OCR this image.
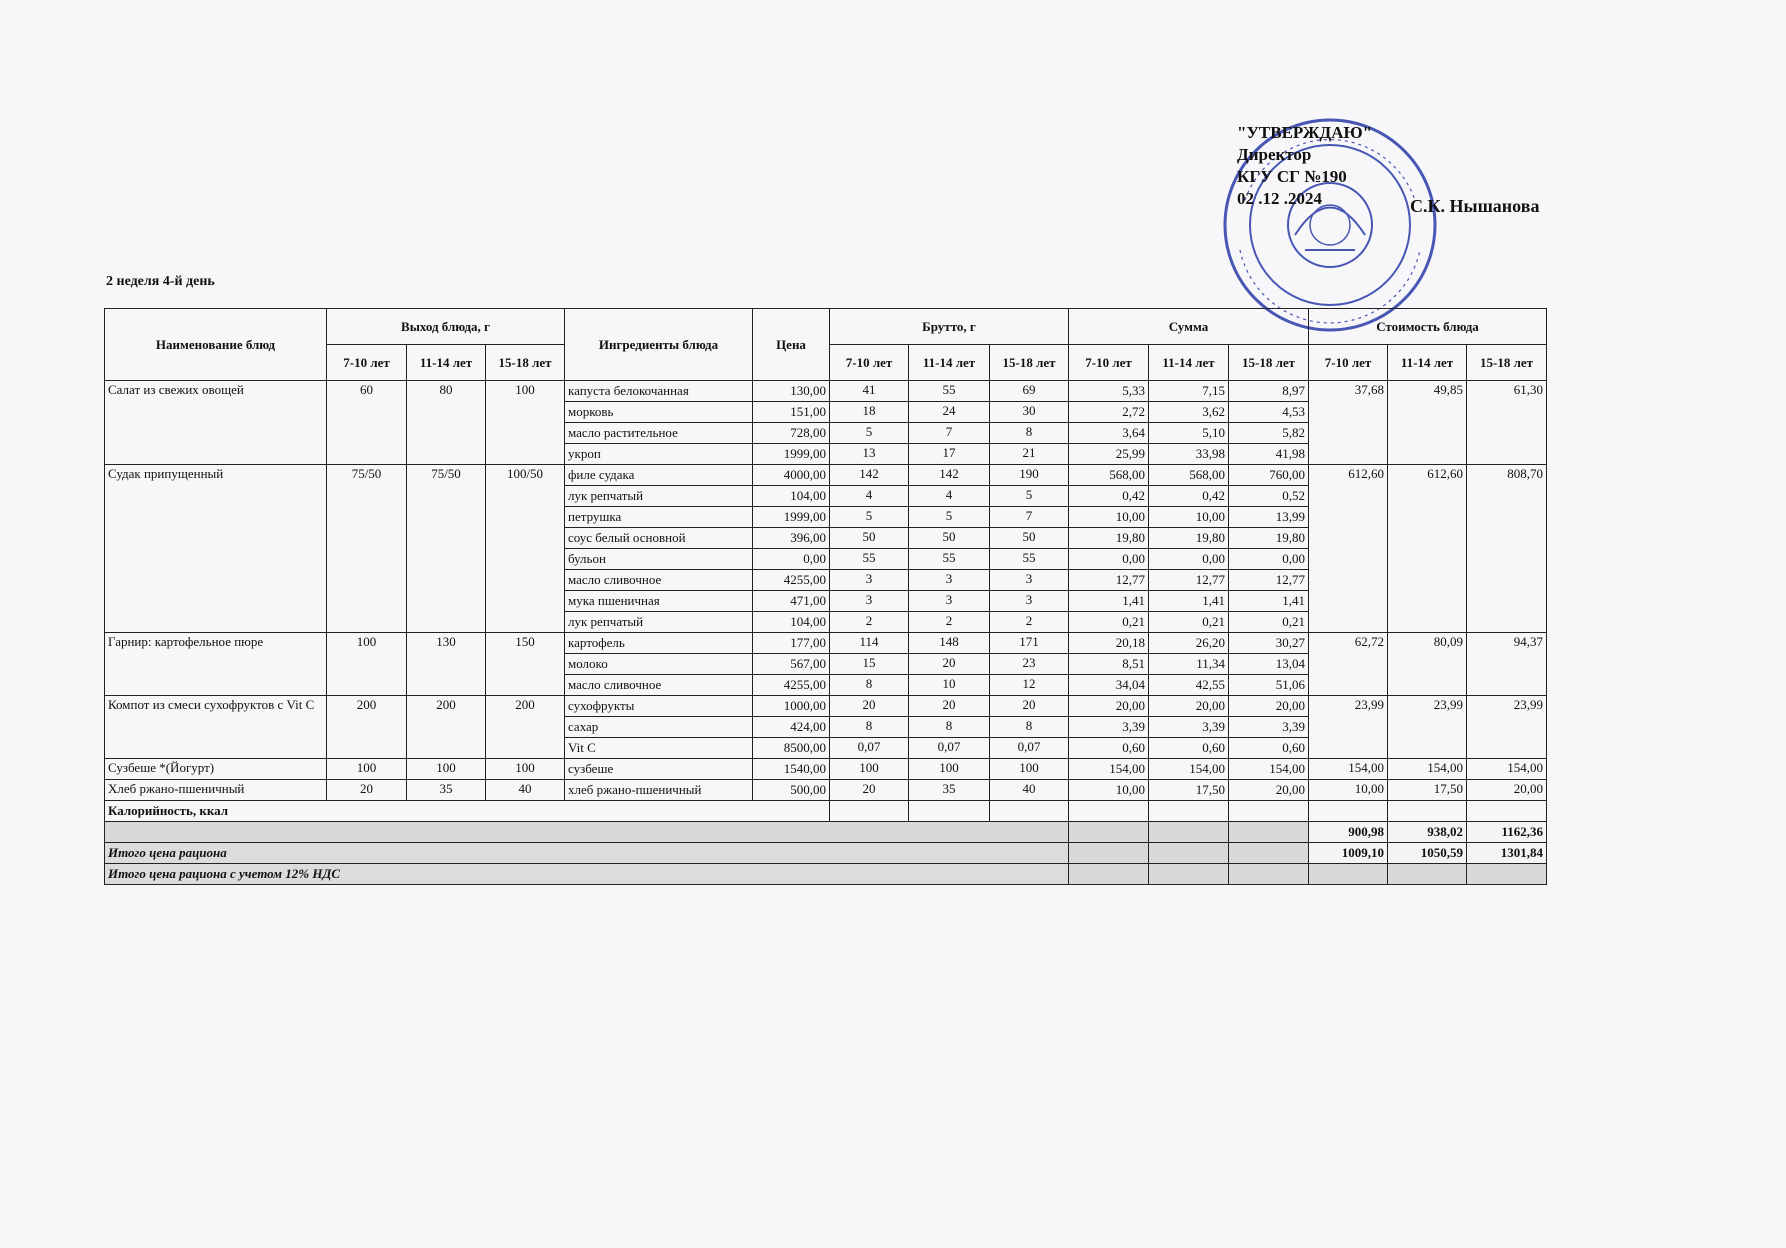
"УТВЕРЖДАЮ"
Директор
КГУ СГ №190
02 .12 .2024	С.К. Нышанова
2 неделя 4-й день
Наименование блюд	Выход блюда, г			Ингредиенты блюда	Цена	Брутто, г			Сумма			Стоимость блюда		
	7-10 лет	11-14 лет	15-18 лет			7-10 лет	11-14 лет	15-18 лет	7-10 лет	11-14 лет	15-18 лет	7-10 лет	11-14 лет	15-18 лет
Салат из свежих овощей	60	80	100	капуста белокочанная	130,00	41	55	69	5,33	7,15	8,97	37,68	49,85	61,30
				морковь	151,00	18	24	30	2,72	3,62	4,53			
				масло растительное	728,00	5	7	8	3,64	5,10	5,82			
				укроп	1999,00	13	17	21	25,99	33,98	41,98			
Судак припущенный	75/50	75/50	100/50	филе судака	4000,00	142	142	190	568,00	568,00	760,00	612,60	612,60	808,70
				лук репчатый	104,00	4	4	5	0,42	0,42	0,52			
				петрушка	1999,00	5	5	7	10,00	10,00	13,99			
				соус белый основной	396,00	50	50	50	19,80	19,80	19,80			
				бульон	0,00	55	55	55	0,00	0,00	0,00			
				масло сливочное	4255,00	3	3	3	12,77	12,77	12,77			
				мука пшеничная	471,00	3	3	3	1,41	1,41	1,41			
				лук репчатый	104,00	2	2	2	0,21	0,21	0,21			
Гарнир: картофельное пюре	100	130	150	картофель	177,00	114	148	171	20,18	26,20	30,27	62,72	80,09	94,37
				молоко	567,00	15	20	23	8,51	11,34	13,04			
				масло сливочное	4255,00	8	10	12	34,04	42,55	51,06			
Компот из смеси сухофруктов с Vit C	200	200	200	сухофрукты	1000,00	20	20	20	20,00	20,00	20,00	23,99	23,99	23,99
				сахар	424,00	8	8	8	3,39	3,39	3,39			
				Vit C	8500,00	0,07	0,07	0,07	0,60	0,60	0,60			
Сузбеше *(Йогурт)	100	100	100	сузбеше	1540,00	100	100	100	154,00	154,00	154,00	154,00	154,00	154,00
Хлеб ржано-пшеничный	20	35	40	хлеб ржано-пшеничный	500,00	20	35	40	10,00	17,50	20,00	10,00	17,50	20,00
Калорийность, ккал														
												900,98	938,02	1162,36
Итого цена рациона												1009,10	1050,59	1301,84
Итого цена рациона с учетом 12% НДС														
